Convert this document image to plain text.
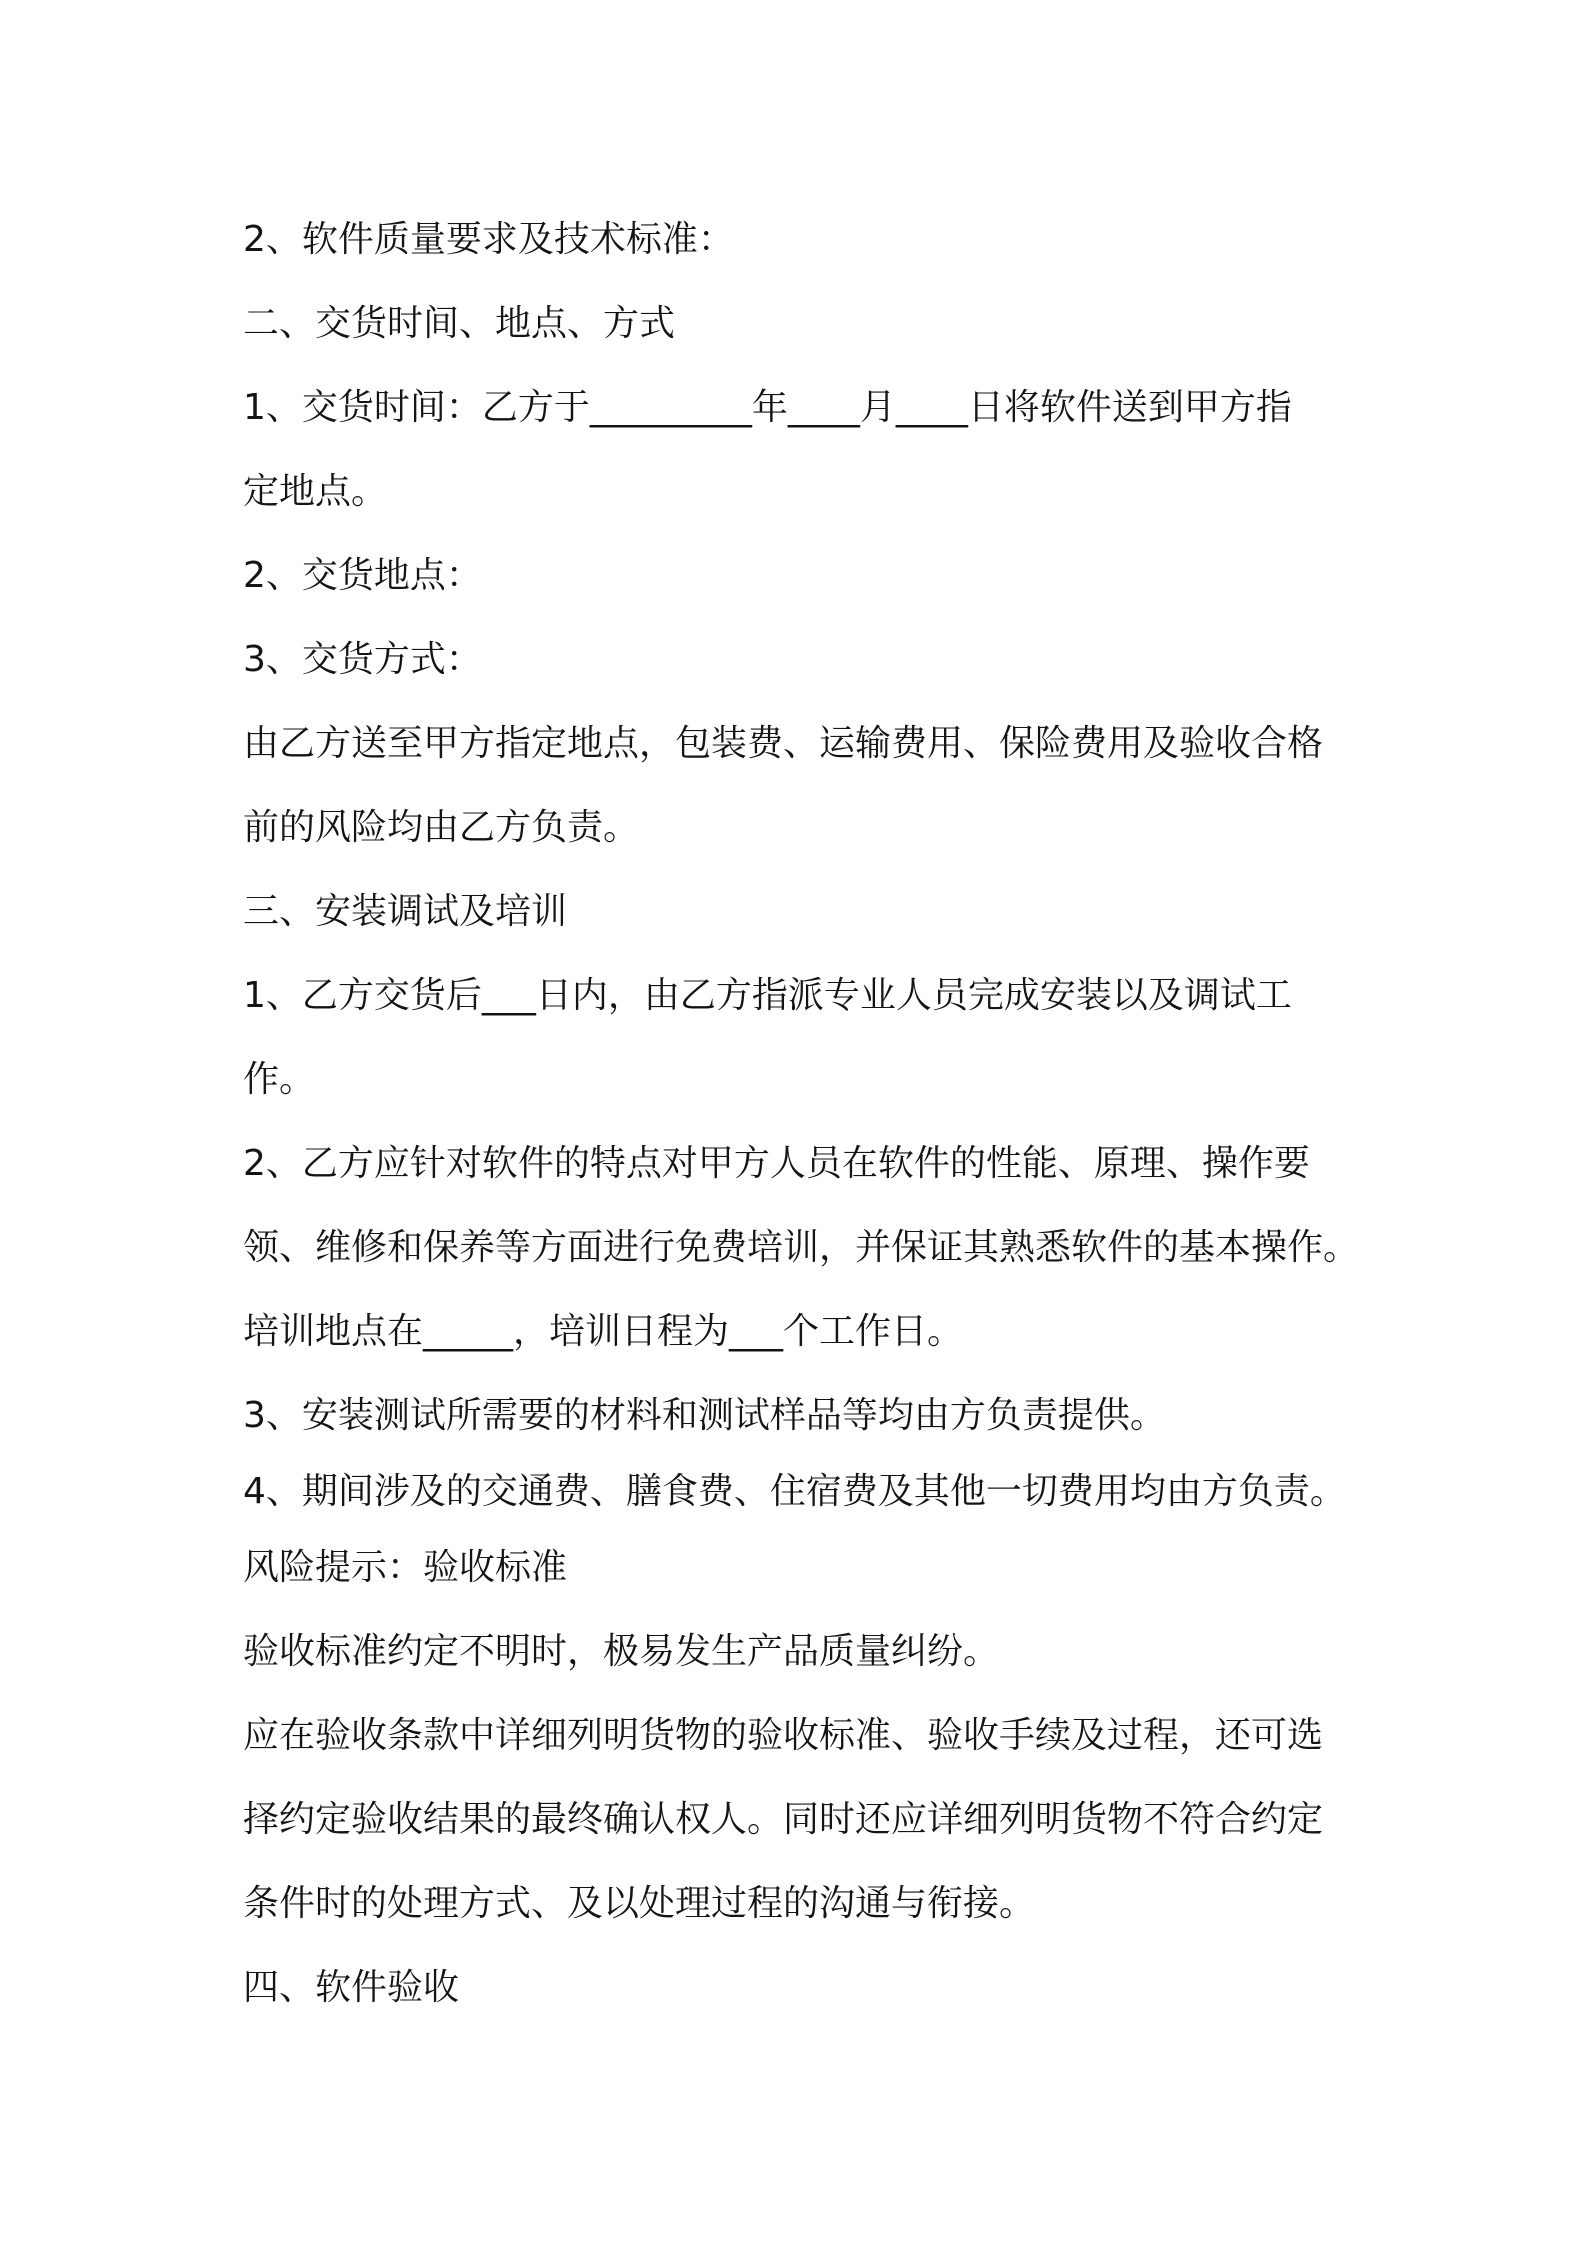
2、软件质量要求及技术标准：
二、交货时间、地点、方式
1、交货时间：乙方于_________年____月____日将软件送到甲方指
定地点。
2、交货地点：
3、交货方式：
由乙方送至甲方指定地点，包装费、运输费用、保险费用及验收合格
前的风险均由乙方负责。
三、安装调试及培训
1、乙方交货后___日内，由乙方指派专业人员完成安装以及调试工
作。
2、乙方应针对软件的特点对甲方人员在软件的性能、原理、操作要
领、维修和保养等方面进行免费培训，并保证其熟悉软件的基本操作。
培训地点在_____，培训日程为___个工作日。
3、安装测试所需要的材料和测试样品等均由方负责提供。
4、期间涉及的交通费、膳食费、住宿费及其他一切费用均由方负责。
风险提示：验收标准
验收标准约定不明时，极易发生产品质量纠纷。
应在验收条款中详细列明货物的验收标准、验收手续及过程，还可选
择约定验收结果的最终确认权人。同时还应详细列明货物不符合约定
条件时的处理方式、及以处理过程的沟通与衔接。
四、软件验收
